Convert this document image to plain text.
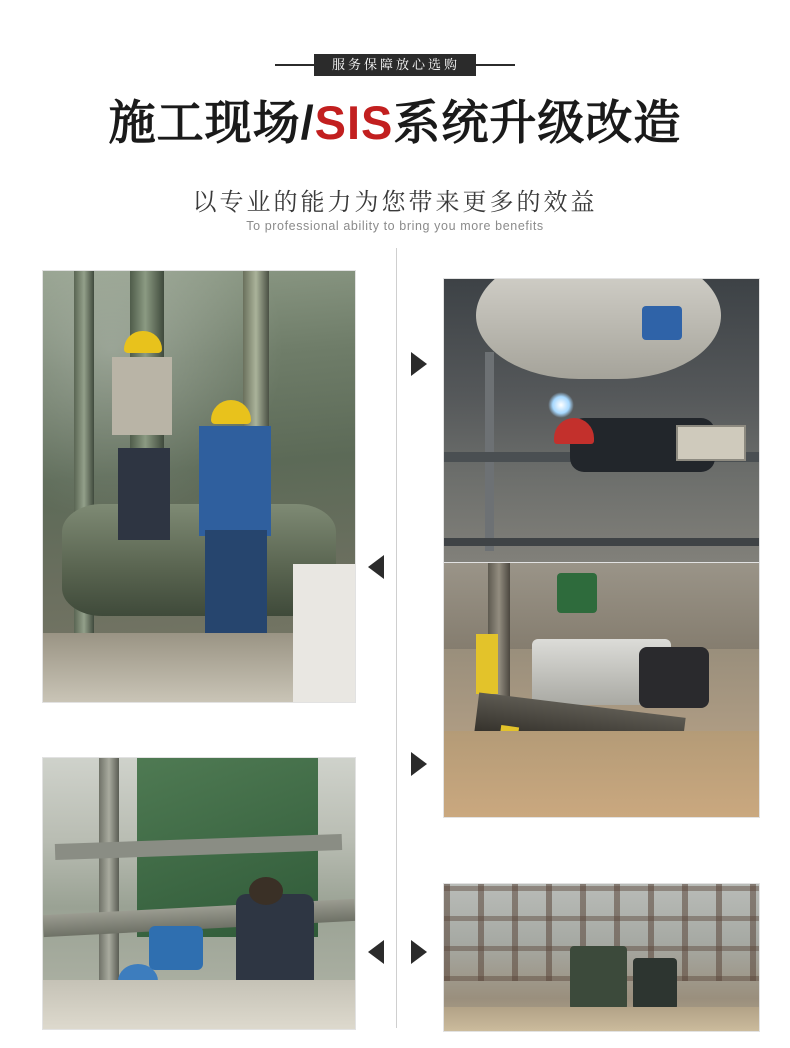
服务保障放心选购
施工现场/SIS系统升级改造
以专业的能力为您带来更多的效益
To professional ability to bring you more benefits
